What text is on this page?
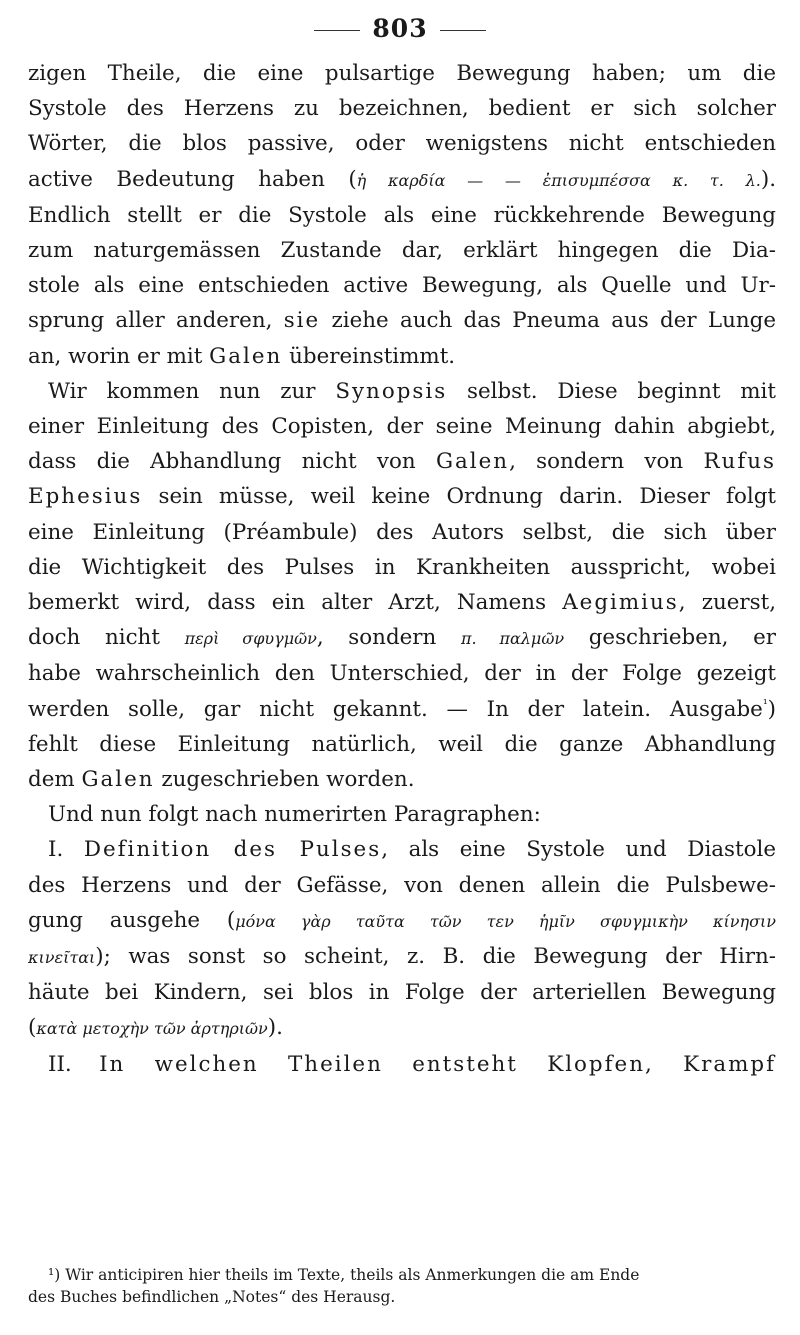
803
zigen Theile, die eine pulsartige Bewegung haben; um die
Systole des Herzens zu bezeichnen, bedient er sich solcher
Wörter, die blos passive, oder wenigstens nicht entschieden
active Bedeutung haben (ἡ καρδία — — ἐπισυμπέσσα κ. τ. λ.).
Endlich stellt er die Systole als eine rückkehrende Bewegung
zum naturgemässen Zustande dar, erklärt hingegen die Dia-
stole als eine entschieden active Bewegung, als Quelle und Ur-
sprung aller anderen, sie ziehe auch das Pneuma aus der Lunge
an, worin er mit Galen übereinstimmt.
Wir kommen nun zur Synopsis selbst. Diese beginnt mit
einer Einleitung des Copisten, der seine Meinung dahin abgiebt,
dass die Abhandlung nicht von Galen, sondern von Rufus
Ephesius sein müsse, weil keine Ordnung darin. Dieser folgt
eine Einleitung (Préambule) des Autors selbst, die sich über
die Wichtigkeit des Pulses in Krankheiten ausspricht, wobei
bemerkt wird, dass ein alter Arzt, Namens Aegimius, zuerst,
doch nicht περὶ σφυγμῶν, sondern π. παλμῶν geschrieben, er
habe wahrscheinlich den Unterschied, der in der Folge gezeigt
werden solle, gar nicht gekannt. — In der latein. Ausgabe$^{^1}$)
fehlt diese Einleitung natürlich, weil die ganze Abhandlung
dem Galen zugeschrieben worden.
Und nun folgt nach numerirten Paragraphen:
I. Definition des Pulses, als eine Systole und Diastole
des Herzens und der Gefässe, von denen allein die Pulsbewe-
gung ausgehe (μόνα γὰρ ταῦτα τῶν τεν ἡμῖν σφυγμικὴν κίνησιν
κινεῖται); was sonst so scheint, z. B. die Bewegung der Hirn-
häute bei Kindern, sei blos in Folge der arteriellen Bewegung
(κατὰ μετοχὴν τῶν ἀρτηριῶν).
II. In welchen Theilen entsteht Klopfen, Krampf
¹) Wir anticipiren hier theils im Texte, theils als Anmerkungen die am Ende
des Buches befindlichen „Notes“ des Herausg.
